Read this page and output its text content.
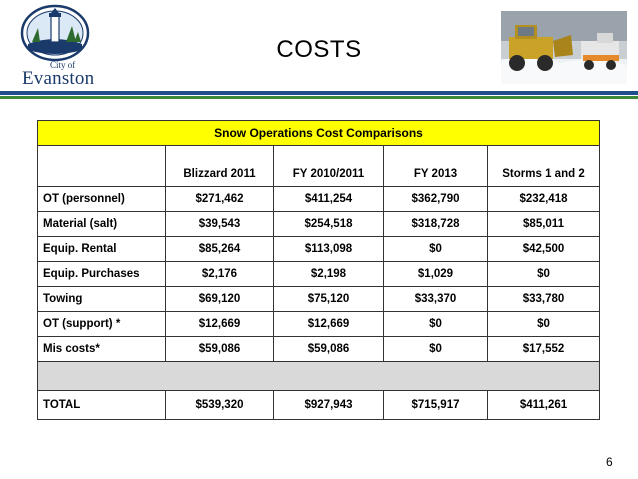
City of
Evanston
COSTS
Snow Operations Cost Comparisons				
	Blizzard 2011	FY 2010/2011	FY 2013	Storms 1 and 2
OT (personnel)	$271,462	$411,254	$362,790	$232,418
Material (salt)	$39,543	$254,518	$318,728	$85,011
Equip. Rental	$85,264	$113,098	$0	$42,500
Equip. Purchases	$2,176	$2,198	$1,029	$0
Towing	$69,120	$75,120	$33,370	$33,780
OT (support) *	$12,669	$12,669	$0	$0
Mis costs*	$59,086	$59,086	$0	$17,552

TOTAL	$539,320	$927,943	$715,917	$411,261
6
